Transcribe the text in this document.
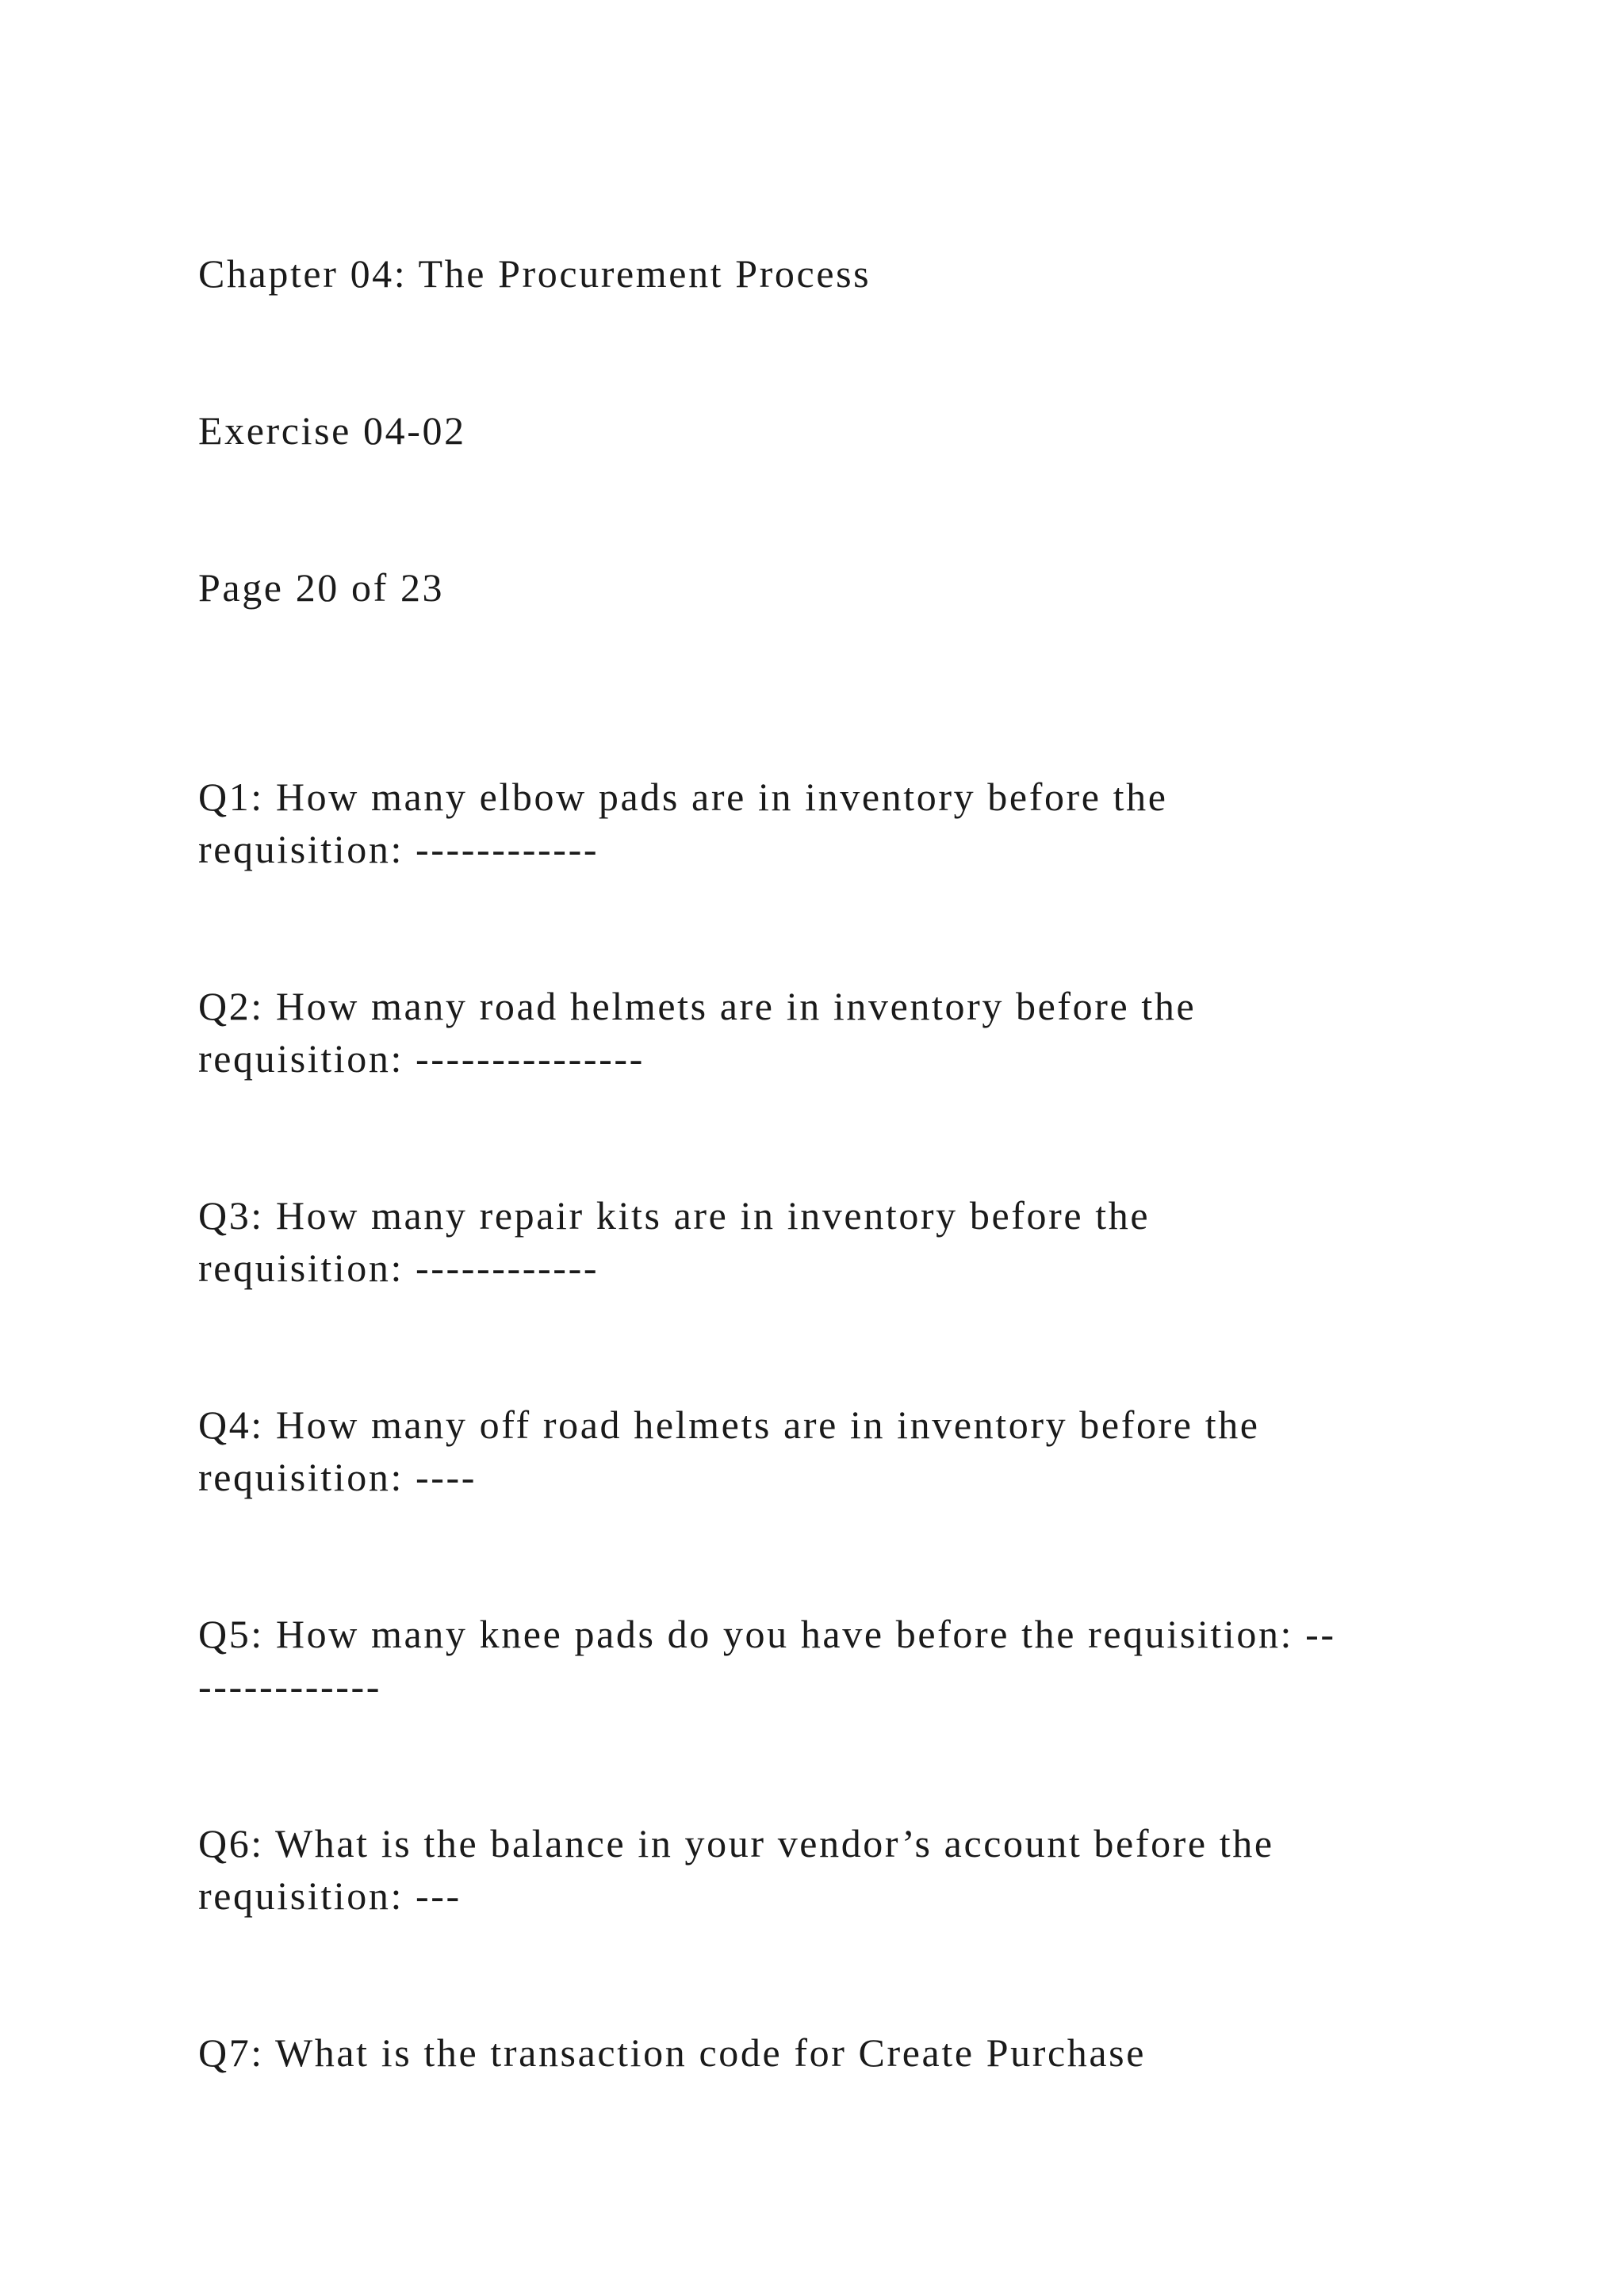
Chapter 04: The Procurement Process

Exercise 04-02

Page 20 of 23

Q1: How many elbow pads are in inventory before the
requisition: ------------
Q2: How many road helmets are in inventory before the
requisition: ---------------
Q3: How many repair kits are in inventory before the
requisition: ------------
Q4: How many off road helmets are in inventory before the
requisition: ----
Q5: How many knee pads do you have before the requisition: --
------------
Q6: What is the balance in your vendor’s account before the
requisition: ---
Q7: What is the transaction code for Create Purchase
